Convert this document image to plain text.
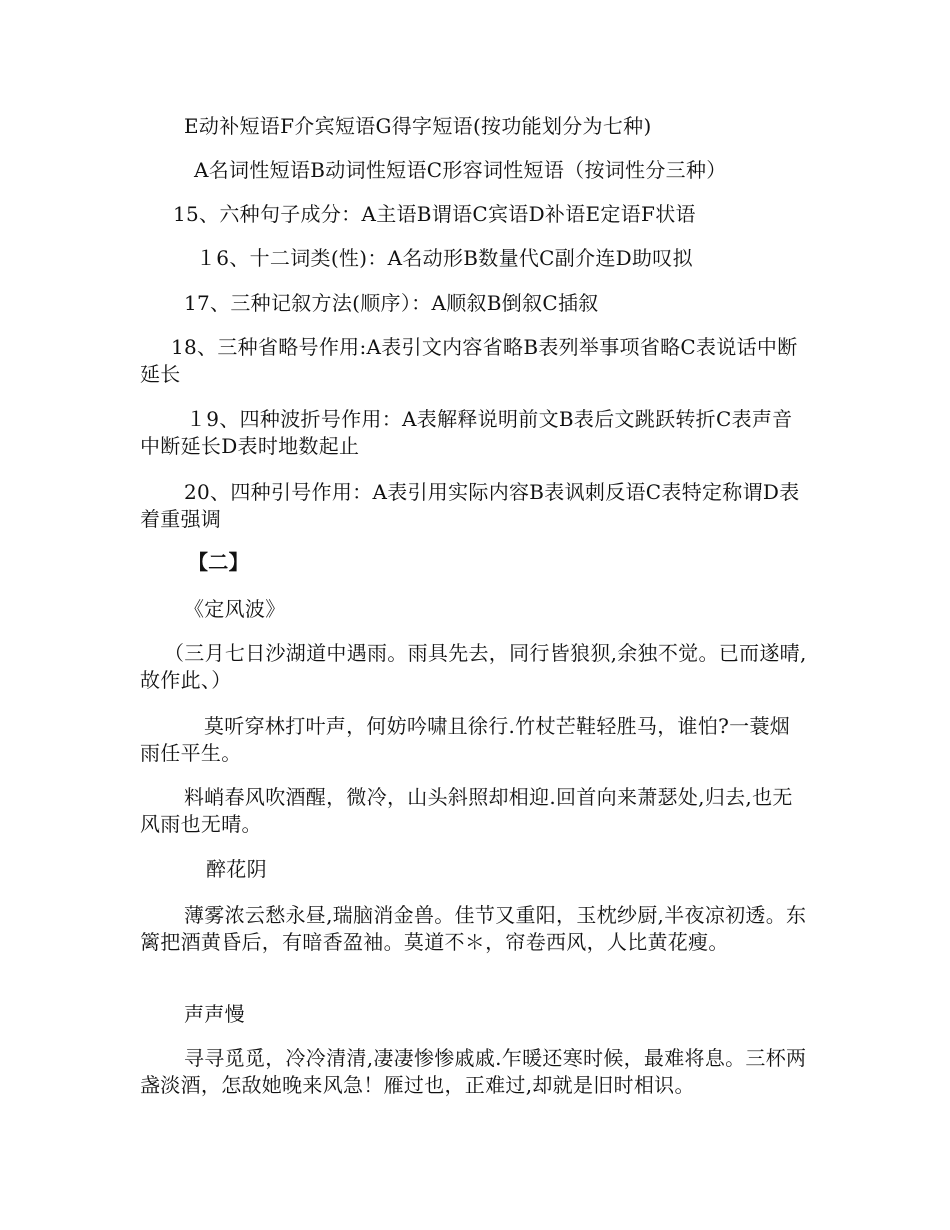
E动补短语F介宾短语G得字短语(按功能划分为七种)

A名词性短语B动词性短语C形容词性短语（按词性分三种）

15、六种句子成分：A主语B谓语C宾语D补语E定语F状语

１6、十二词类(性)：A名动形B数量代C副介连D助叹拟

17、三种记叙方法(顺序）：A顺叙B倒叙C插叙

18、三种省略号作用:A表引文内容省略B表列举事项省略C表说话中断延长

１9、四种波折号作用：A表解释说明前文B表后文跳跃转折C表声音中断延长D表时地数起止

20、四种引号作用：A表引用实际内容B表讽刺反语C表特定称谓D表着重强调

【二】

《定风波》

（三月七日沙湖道中遇雨。雨具先去，同行皆狼狈,余独不觉。已而遂晴,故作此、）

莫听穿林打叶声，何妨吟啸且徐行.竹杖芒鞋轻胜马，谁怕?一蓑烟雨任平生。

料峭春风吹酒醒，微冷，山头斜照却相迎.回首向来萧瑟处,归去,也无风雨也无晴。

醉花阴

薄雾浓云愁永昼,瑞脑消金兽。佳节又重阳，玉枕纱厨,半夜凉初透。东篱把酒黄昏后，有暗香盈袖。莫道不＊，帘卷西风，人比黄花瘦。

声声慢

寻寻觅觅，冷冷清清,凄凄惨惨戚戚.乍暖还寒时候，最难将息。三杯两盏淡酒，怎敌她晚来风急！雁过也，正难过,却就是旧时相识。
